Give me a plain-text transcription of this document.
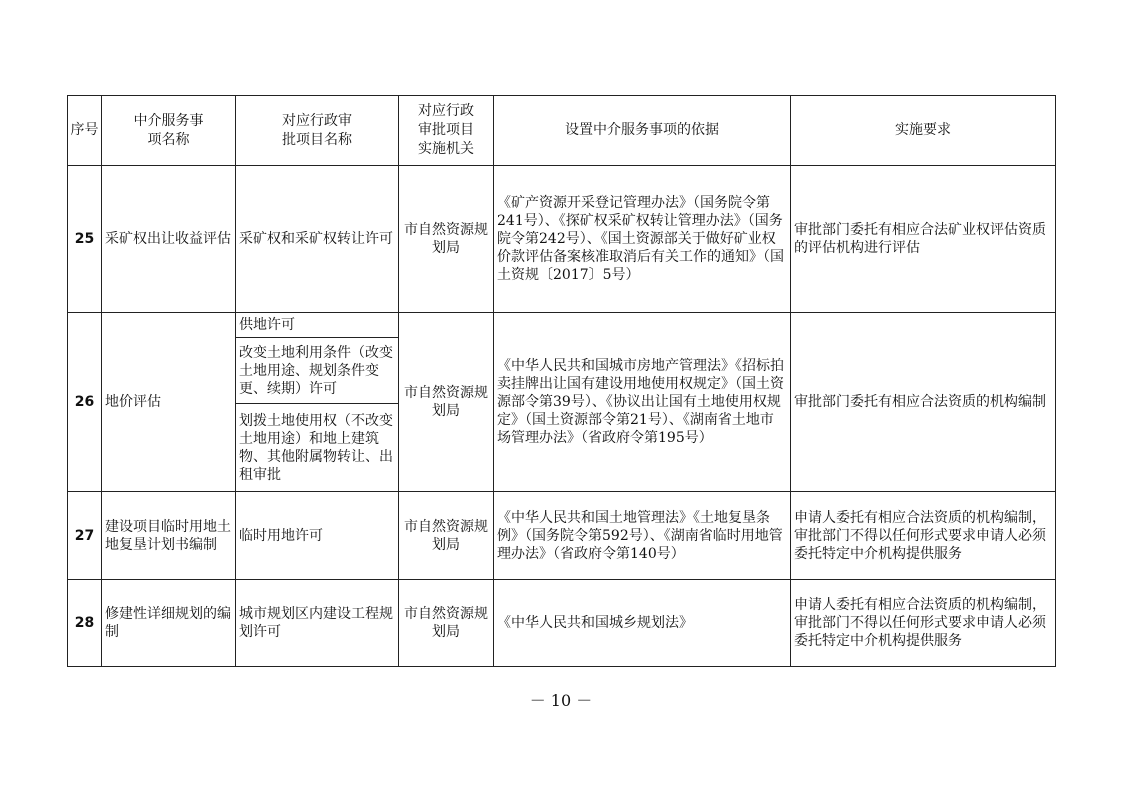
序号	中介服务事项名称	对应行政审批项目名称	对应行政审批项目实施机关	设置中介服务事项的依据	实施要求
25	采矿权出让收益评估	采矿权和采矿权转让许可	市自然资源规划局	《矿产资源开采登记管理办法》（国务院令第241号）、《探矿权采矿权转让管理办法》（国务院令第242号）、《国土资源部关于做好矿业权价款评估备案核准取消后有关工作的通知》（国土资规〔2017〕5号）	审批部门委托有相应合法矿业权评估资质的评估机构进行评估
26	地价评估	供地许可	市自然资源规划局	《中华人民共和国城市房地产管理法》《招标拍卖挂牌出让国有建设用地使用权规定》（国土资源部令第39号）、《协议出让国有土地使用权规定》（国土资源部令第21号）、《湖南省土地市场管理办法》（省政府令第195号）	审批部门委托有相应合法资质的机构编制
		改变土地利用条件（改变土地用途、规划条件变更、续期）许可			
		划拨土地使用权（不改变土地用途）和地上建筑物、其他附属物转让、出租审批			
27	建设项目临时用地土地复垦计划书编制	临时用地许可	市自然资源规划局	《中华人民共和国土地管理法》《土地复垦条例》（国务院令第592号）、《湖南省临时用地管理办法》（省政府令第140号）	申请人委托有相应合法资质的机构编制，审批部门不得以任何形式要求申请人必须委托特定中介机构提供服务
28	修建性详细规划的编制	城市规划区内建设工程规划许可	市自然资源规划局	《中华人民共和国城乡规划法》	申请人委托有相应合法资质的机构编制，审批部门不得以任何形式要求申请人必须委托特定中介机构提供服务
－ 10 －
